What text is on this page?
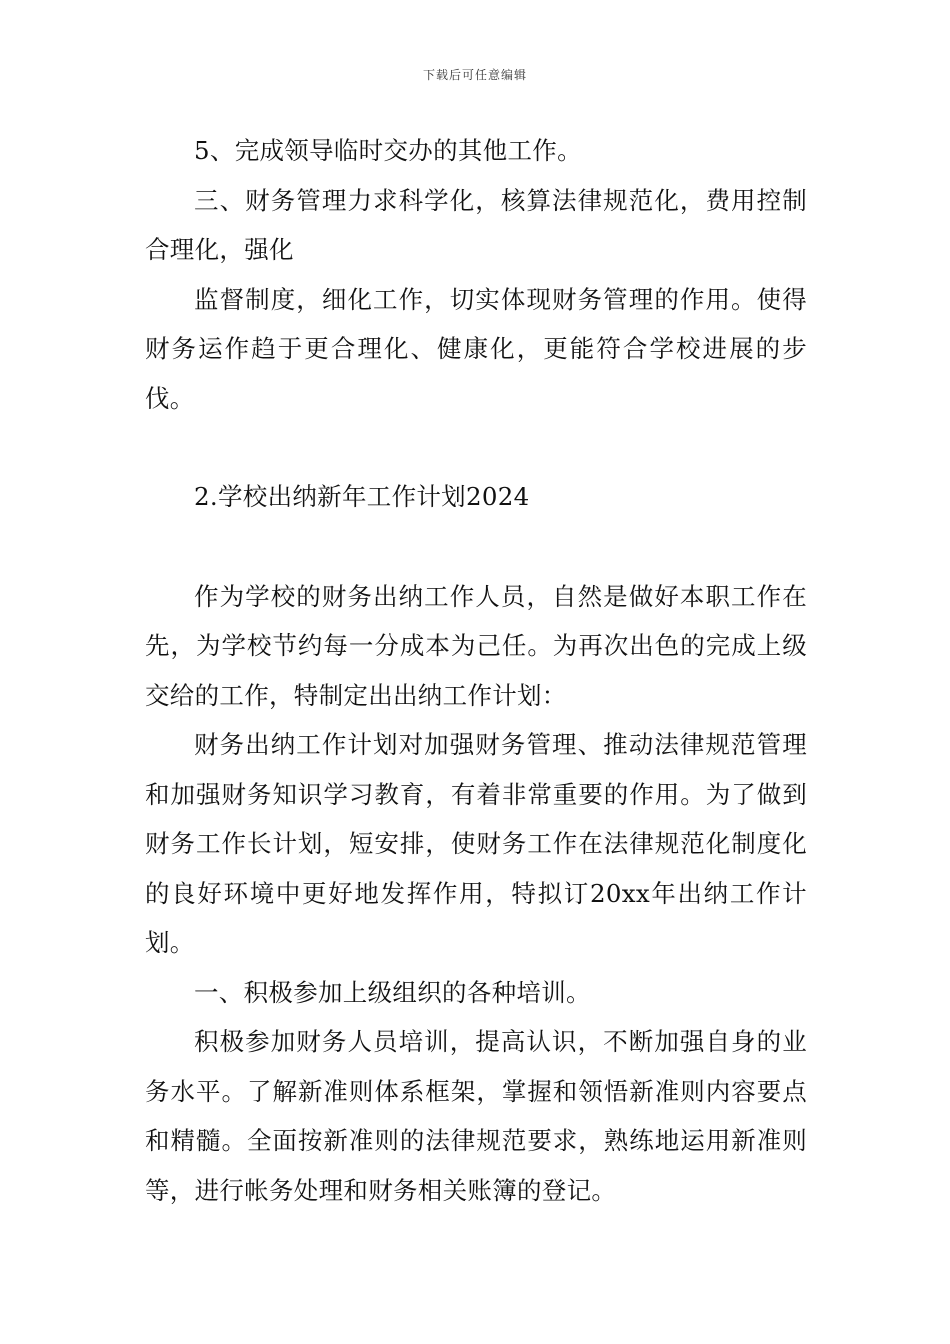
下载后可任意编辑

5、完成领导临时交办的其他工作。

三、财务管理力求科学化，核算法律规范化，费用控制合理化，强化

监督制度，细化工作，切实体现财务管理的作用。使得财务运作趋于更合理化、健康化，更能符合学校进展的步伐。

2.学校出纳新年工作计划2024

作为学校的财务出纳工作人员，自然是做好本职工作在先，为学校节约每一分成本为己任。为再次出色的完成上级交给的工作，特制定出出纳工作计划：

财务出纳工作计划对加强财务管理、推动法律规范管理和加强财务知识学习教育，有着非常重要的作用。为了做到财务工作长计划，短安排，使财务工作在法律规范化制度化的良好环境中更好地发挥作用，特拟订20xx年出纳工作计划。

一、积极参加上级组织的各种培训。

积极参加财务人员培训，提高认识，不断加强自身的业务水平。了解新准则体系框架，掌握和领悟新准则内容要点和精髓。全面按新准则的法律规范要求，熟练地运用新准则等，进行帐务处理和财务相关账簿的登记。
